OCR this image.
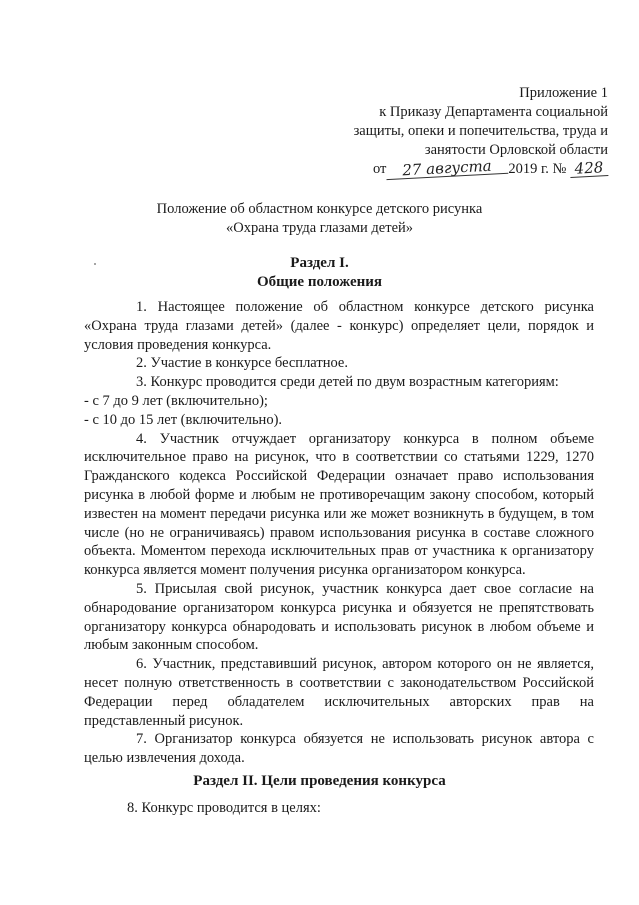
Приложение 1
к Приказу Департамента социальной
защиты, опеки и попечительства, труда и
занятости Орловской области
от 27 августа 2019 г. № 428
Положение об областном конкурсе детского рисунка
«Охрана труда глазами детей»
Раздел I.
Общие положения

1. Настоящее положение об областном конкурсе детского рисунка «Охрана труда глазами детей» (далее - конкурс) определяет цели, порядок и условия проведения конкурса.

2. Участие в конкурсе бесплатное.

3. Конкурс проводится среди детей по двум возрастным категориям:

- с 7 до 9 лет (включительно);

- с 10 до 15 лет (включительно).

4. Участник отчуждает организатору конкурса в полном объеме исключительное право на рисунок, что в соответствии со статьями 1229, 1270 Гражданского кодекса Российской Федерации означает право использования рисунка в любой форме и любым не противоречащим закону способом, который известен на момент передачи рисунка или же может возникнуть в будущем, в том числе (но не ограничиваясь) правом использования рисунка в составе сложного объекта. Моментом перехода исключительных прав от участника к организатору конкурса является момент получения рисунка организатором конкурса.

5. Присылая свой рисунок, участник конкурса дает свое согласие на обнародование организатором конкурса рисунка и обязуется не препятствовать организатору конкурса обнародовать и использовать рисунок в любом объеме и любым законным способом.

6. Участник, представивший рисунок, автором которого он не является, несет полную ответственность в соответствии с законодательством Российской Федерации перед обладателем исключительных авторских прав на представленный рисунок.

7. Организатор конкурса обязуется не использовать рисунок автора с целью извлечения дохода.

Раздел II. Цели проведения конкурса
8. Конкурс проводится в целях:
